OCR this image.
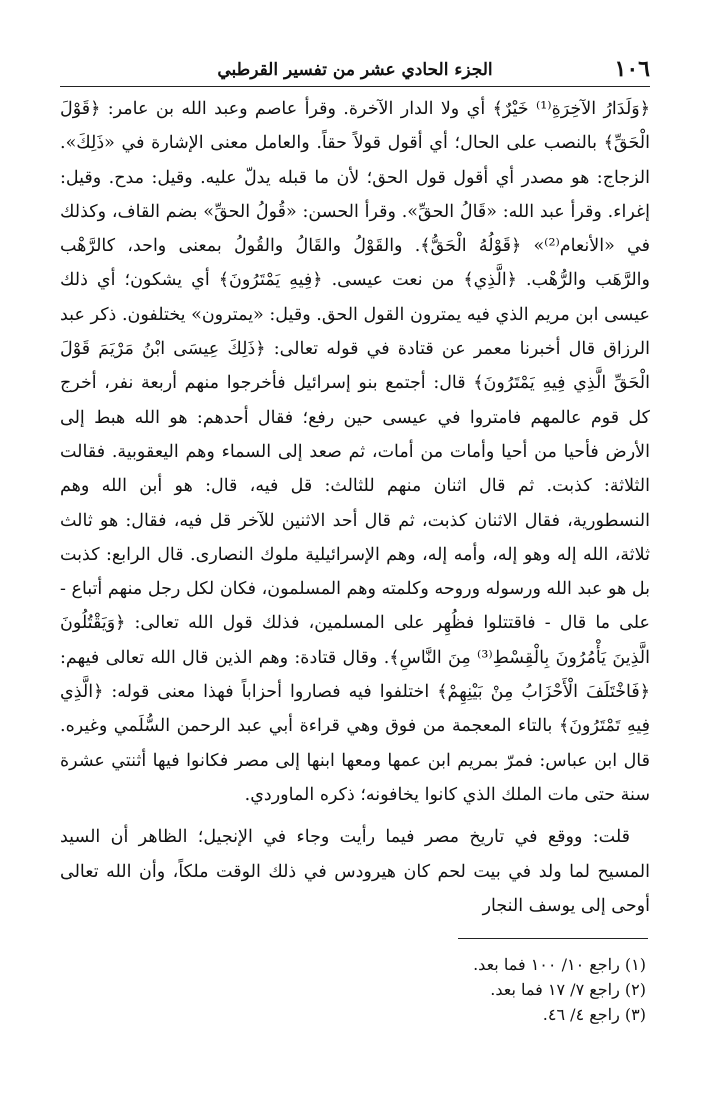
١٠٦
الجزء الحادي عشر من تفسير القرطبي

﴿وَلَدَارُ الآخِرَةِ⁽¹⁾ خَيْرٌ﴾ أي ولا الدار الآخرة. وقرأ عاصم وعبد الله بن عامر: ﴿قَوْلَ الْحَقِّ﴾ بالنصب على الحال؛ أي أقول قولاً حقاً. والعامل معنى الإشارة في «ذَلِكَ». الزجاج: هو مصدر أي أقول قول الحق؛ لأن ما قبله يدلّ عليه. وقيل: مدح. وقيل: إغراء. وقرأ عبد الله: «قَالُ الحقِّ». وقرأ الحسن: «قُولُ الحقِّ» بضم القاف، وكذلك في «الأنعام⁽²⁾» ﴿قَوْلُهُ الْحَقُّ﴾. والقَوْلُ والقَالُ والقُولُ بمعنى واحد، كالرَّهْب والرَّهَب والرُّهْب. ﴿الَّذِي﴾ من نعت عيسى. ﴿فِيهِ يَمْتَرُونَ﴾ أي يشكون؛ أي ذلك عيسى ابن مريم الذي فيه يمترون القول الحق. وقيل: «يمترون» يختلفون. ذكر عبد الرزاق قال أخبرنا معمر عن قتادة في قوله تعالى: ﴿ذَلِكَ عِيسَى ابْنُ مَرْيَمَ قَوْلَ الْحَقِّ الَّذِي فِيهِ يَمْتَرُونَ﴾ قال: أجتمع بنو إسرائيل فأخرجوا منهم أربعة نفر، أخرج كل قوم عالمهم فامتروا في عيسى حين رفع؛ فقال أحدهم: هو الله هبط إلى الأرض فأحيا من أحيا وأمات من أمات، ثم صعد إلى السماء وهم اليعقوبية. فقالت الثلاثة: كذبت. ثم قال اثنان منهم للثالث: قل فيه، قال: هو أبن الله وهم النسطورية، فقال الاثنان كذبت، ثم قال أحد الاثنين للآخر قل فيه، فقال: هو ثالث ثلاثة، الله إله وهو إله، وأمه إله، وهم الإسرائيلية ملوك النصارى. قال الرابع: كذبت بل هو عبد الله ورسوله وروحه وكلمته وهم المسلمون، فكان لكل رجل منهم أتباع - على ما قال - فاقتتلوا فظُهِر على المسلمين، فذلك قول الله تعالى: ﴿وَيَقْتُلُونَ الَّذِينَ يَأْمُرُونَ بِالْقِسْطِ⁽³⁾ مِنَ النَّاسِ﴾. وقال قتادة: وهم الذين قال الله تعالى فيهم: ﴿فَاخْتَلَفَ الْأَحْزَابُ مِنْ بَيْنِهِمْ﴾ اختلفوا فيه فصاروا أحزاباً فهذا معنى قوله: ﴿الَّذِي فِيهِ تَمْتَرُونَ﴾ بالتاء المعجمة من فوق وهي قراءة أبي عبد الرحمن السُّلَمي وغيره. قال ابن عباس: فمرّ بمريم ابن عمها ومعها ابنها إلى مصر فكانوا فيها أثنتي عشرة سنة حتى مات الملك الذي كانوا يخافونه؛ ذكره الماوردي.

قلت: ووقع في تاريخ مصر فيما رأيت وجاء في الإنجيل؛ الظاهر أن السيد المسيح لما ولد في بيت لحم كان هيرودس في ذلك الوقت ملكاً، وأن الله تعالى أوحى إلى يوسف النجار

(١) راجع ١٠/ ١٠٠ فما بعد.

(٢) راجع ٧/ ١٧ فما بعد.

(٣) راجع ٤/ ٤٦.
